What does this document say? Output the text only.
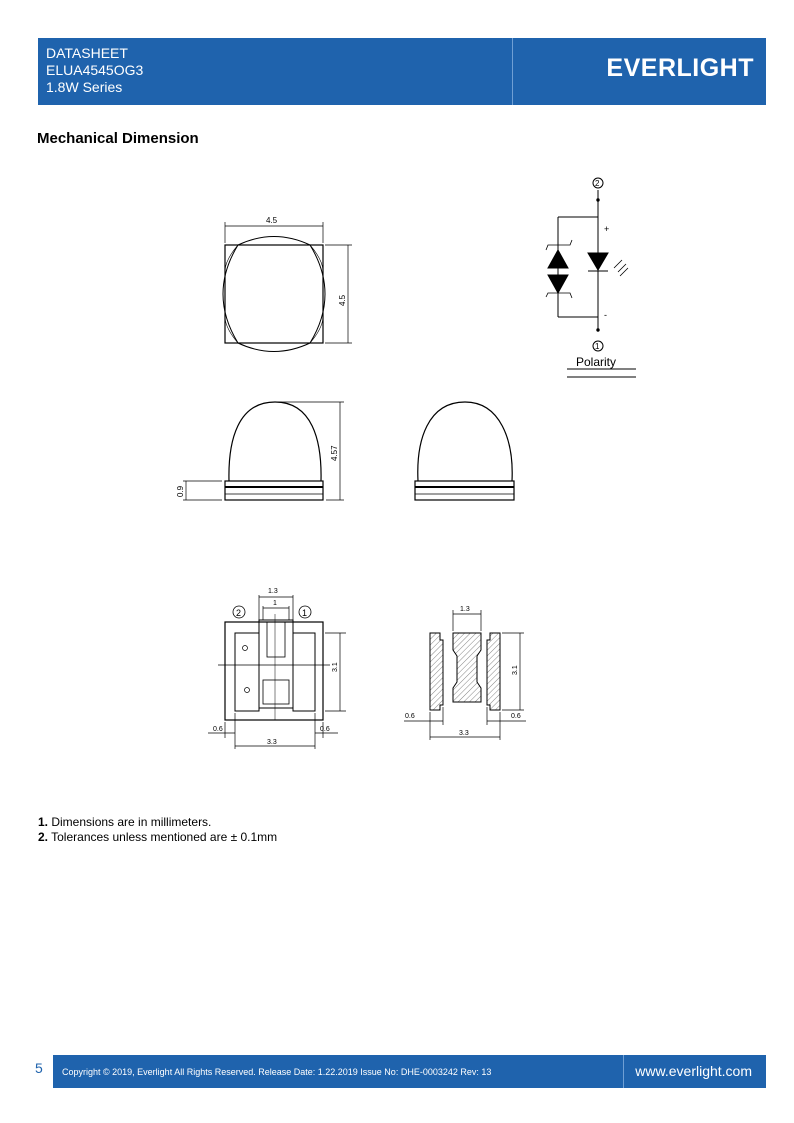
DATASHEET
ELUA4545OG3
1.8W Series
EVERLIGHT
Mechanical Dimension
4.5
4.5
2
+
-
1
Polarity
0.9
4.57
1.3
1
2	1
3.1
0.6	0.6
3.3
1.3
3.1
0.6	0.6
3.3
1. Dimensions are in millimeters.
2. Tolerances unless mentioned are ± 0.1mm
5 Copyright © 2019, Everlight All Rights Reserved. Release Date: 1.22.2019 Issue No: DHE-0003242 Rev: 13	www.everlight.com
